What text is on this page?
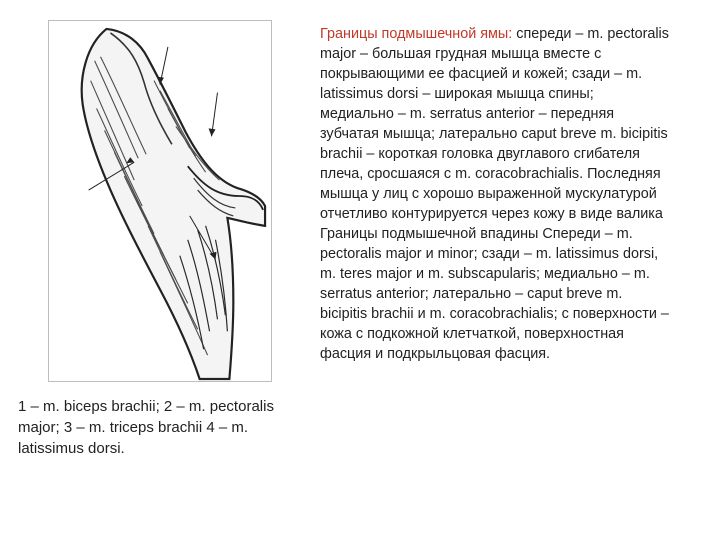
1 – m. biceps brachii; 2 – m. pectoralis major; 3 – m. triceps brachii 4 – m. latissimus dorsi.

Границы подмышечной ямы: спереди – m. pectoralis major – большая грудная мышца вместе с покрывающими ее фасцией и кожей; сзади – m. latissimus dorsi – широкая мышца спины; медиально – m. serratus anterior – передняя зубчатая мышца; латерально caput breve m. bicipitis brachii – короткая головка двуглавого сгибателя плеча, сросшаяся с m. coracobrachialis. Последняя мышца у лиц с хорошо выраженной мускулатурой отчетливо контурируется через кожу в виде валика Границы подмышечной впадины Спереди – m. pectoralis major и minor; сзади – m. latissimus dorsi, m. teres major и m. subscapularis; медиально – m. serratus anterior; латерально – caput breve m. bicipitis brachii и m. coracobrachialis; с поверхности – кожа с подкожной клетчаткой, поверхностная фасция и подкрыльцовая фасция.
